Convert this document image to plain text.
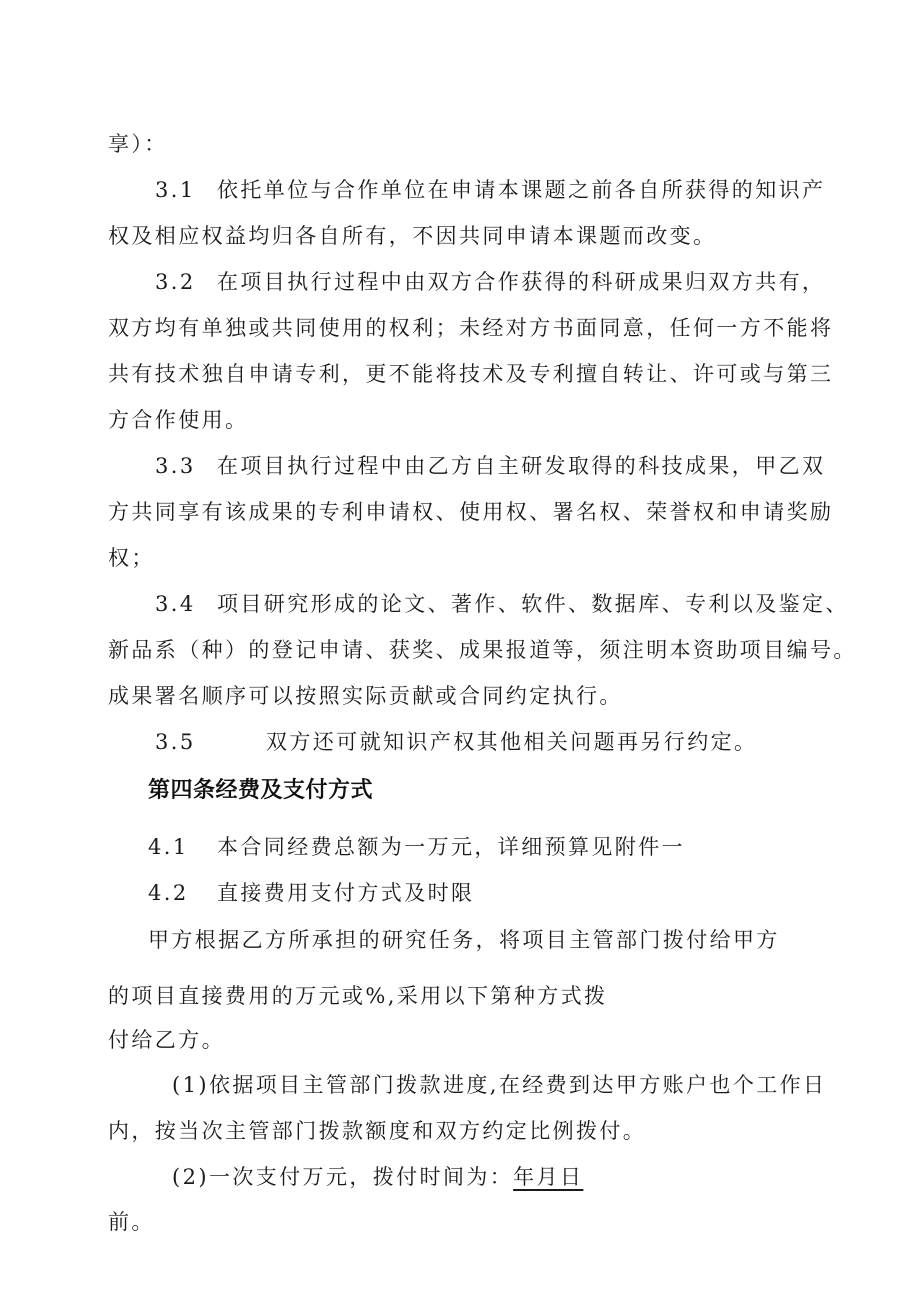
享）：

3.1 依托单位与合作单位在申请本课题之前各自所获得的知识产

权及相应权益均归各自所有，不因共同申请本课题而改变。

3.2 在项目执行过程中由双方合作获得的科研成果归双方共有，

双方均有单独或共同使用的权利；未经对方书面同意，任何一方不能将

共有技术独自申请专利，更不能将技术及专利擅自转让、许可或与第三

方合作使用。

3.3 在项目执行过程中由乙方自主研发取得的科技成果，甲乙双

方共同享有该成果的专利申请权、使用权、署名权、荣誉权和申请奖励

权；

3.4 项目研究形成的论文、著作、软件、数据库、专利以及鉴定、

新品系（种）的登记申请、获奖、成果报道等，须注明本资助项目编号。

成果署名顺序可以按照实际贡献或合同约定执行。

3.5	双方还可就知识产权其他相关问题再另行约定。

第四条经费及支付方式

4.1 本合同经费总额为一万元，详细预算见附件一

4.2 直接费用支付方式及时限

甲方根据乙方所承担的研究任务，将项目主管部门拨付给甲方

的项目直接费用的万元或%,采用以下第种方式拨

付给乙方。

(1)依据项目主管部门拨款进度,在经费到达甲方账户也个工作日

内，按当次主管部门拨款额度和双方约定比例拨付。

(2)一次支付万元，拨付时间为：年月日

前。
